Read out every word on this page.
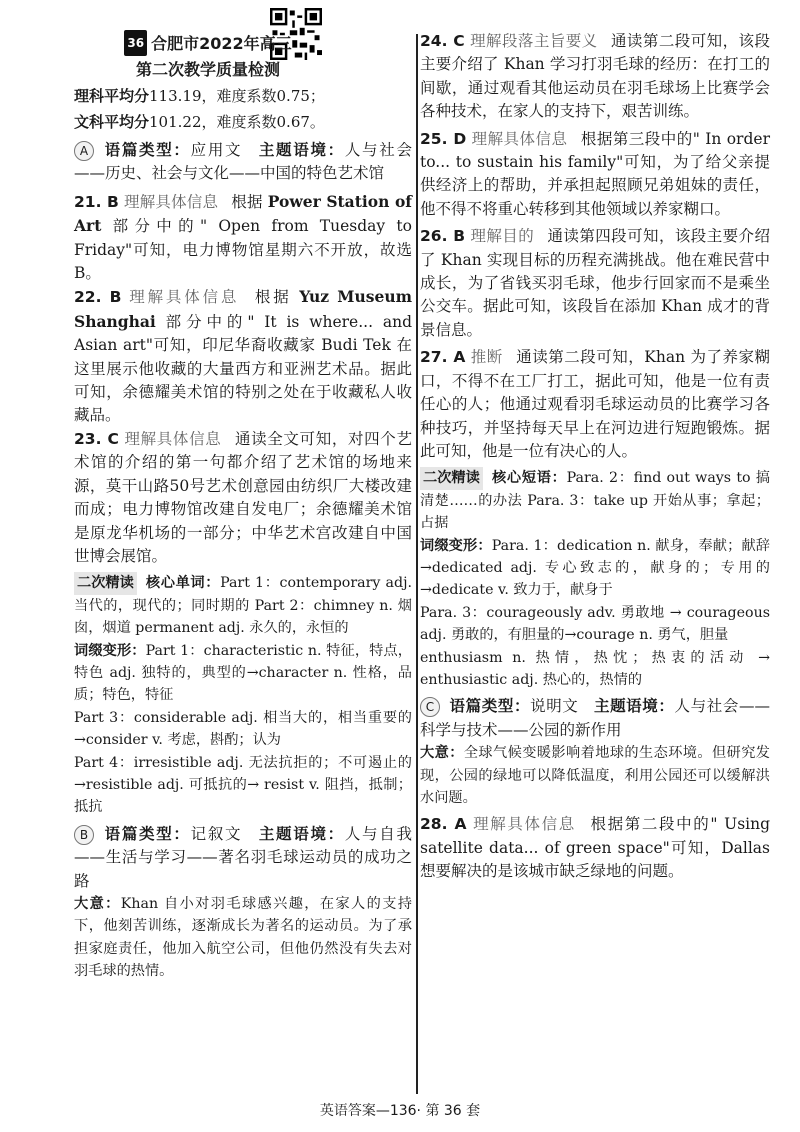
36 合肥市2022年高三
第二次教学质量检测
理科平均分113.19，难度系数0.75；
文科平均分101.22，难度系数0.67。

A 语篇类型：应用文 主题语境：人与社会——历史、社会与文化——中国的特色艺术馆

21. B 理解具体信息 根据 Power Station of Art 部分中的" Open from Tuesday to Friday"可知，电力博物馆星期六不开放，故选 B。

22. B 理解具体信息 根据 Yuz Museum Shanghai 部分中的" It is where... and Asian art"可知，印尼华裔收藏家 Budi Tek 在这里展示他收藏的大量西方和亚洲艺术品。据此可知，余德耀美术馆的特别之处在于收藏私人收藏品。

23. C 理解具体信息 通读全文可知，对四个艺术馆的介绍的第一句都介绍了艺术馆的场地来源，莫干山路50号艺术创意园由纺织厂大楼改建而成；电力博物馆改建自发电厂；余德耀美术馆是原龙华机场的一部分；中华艺术宫改建自中国世博会展馆。

二次精读 核心单词：Part 1：contemporary adj. 当代的，现代的；同时期的 Part 2：chimney n. 烟囱，烟道 permanent adj. 永久的，永恒的

词缀变形：Part 1：characteristic n. 特征，特点，特色 adj. 独特的，典型的→character n. 性格，品质；特色，特征

Part 3：considerable adj. 相当大的，相当重要的→consider v. 考虑，斟酌；认为

Part 4：irresistible adj. 无法抗拒的；不可遏止的→resistible adj. 可抵抗的→ resist v. 阻挡，抵制；抵抗

B 语篇类型：记叙文 主题语境：人与自我——生活与学习——著名羽毛球运动员的成功之路

大意：Khan 自小对羽毛球感兴趣，在家人的支持下，他刻苦训练，逐渐成长为著名的运动员。为了承担家庭责任，他加入航空公司，但他仍然没有失去对羽毛球的热情。

24. C 理解段落主旨要义 通读第二段可知，该段主要介绍了 Khan 学习打羽毛球的经历：在打工的间歇，通过观看其他运动员在羽毛球场上比赛学会各种技术，在家人的支持下，艰苦训练。

25. D 理解具体信息 根据第三段中的" In order to... to sustain his family"可知，为了给父亲提供经济上的帮助，并承担起照顾兄弟姐妹的责任，他不得不将重心转移到其他领域以养家糊口。

26. B 理解目的 通读第四段可知，该段主要介绍了 Khan 实现目标的历程充满挑战。他在难民营中成长，为了省钱买羽毛球，他步行回家而不是乘坐公交车。据此可知，该段旨在添加 Khan 成才的背景信息。

27. A 推断 通读第二段可知，Khan 为了养家糊口，不得不在工厂打工，据此可知，他是一位有责任心的人；他通过观看羽毛球运动员的比赛学习各种技巧，并坚持每天早上在河边进行短跑锻炼。据此可知，他是一位有决心的人。

二次精读 核心短语：Para. 2：find out ways to 搞清楚……的办法 Para. 3：take up 开始从事；拿起；占据

词缀变形：Para. 1：dedication n. 献身，奉献；献辞→dedicated adj. 专心致志的，献身的；专用的→dedicate v. 致力于，献身于

Para. 3：courageously adv. 勇敢地 → courageous adj. 勇敢的，有胆量的→courage n. 勇气，胆量

enthusiasm n. 热情，热忱；热衷的活动 → enthusiastic adj. 热心的，热情的

C 语篇类型：说明文 主题语境：人与社会——科学与技术——公园的新作用

大意：全球气候变暖影响着地球的生态环境。但研究发现，公园的绿地可以降低温度，利用公园还可以缓解洪水问题。

28. A 理解具体信息 根据第二段中的" Using satellite data... of green space"可知，Dallas 想要解决的是该城市缺乏绿地的问题。

英语答案—136· 第 36 套
